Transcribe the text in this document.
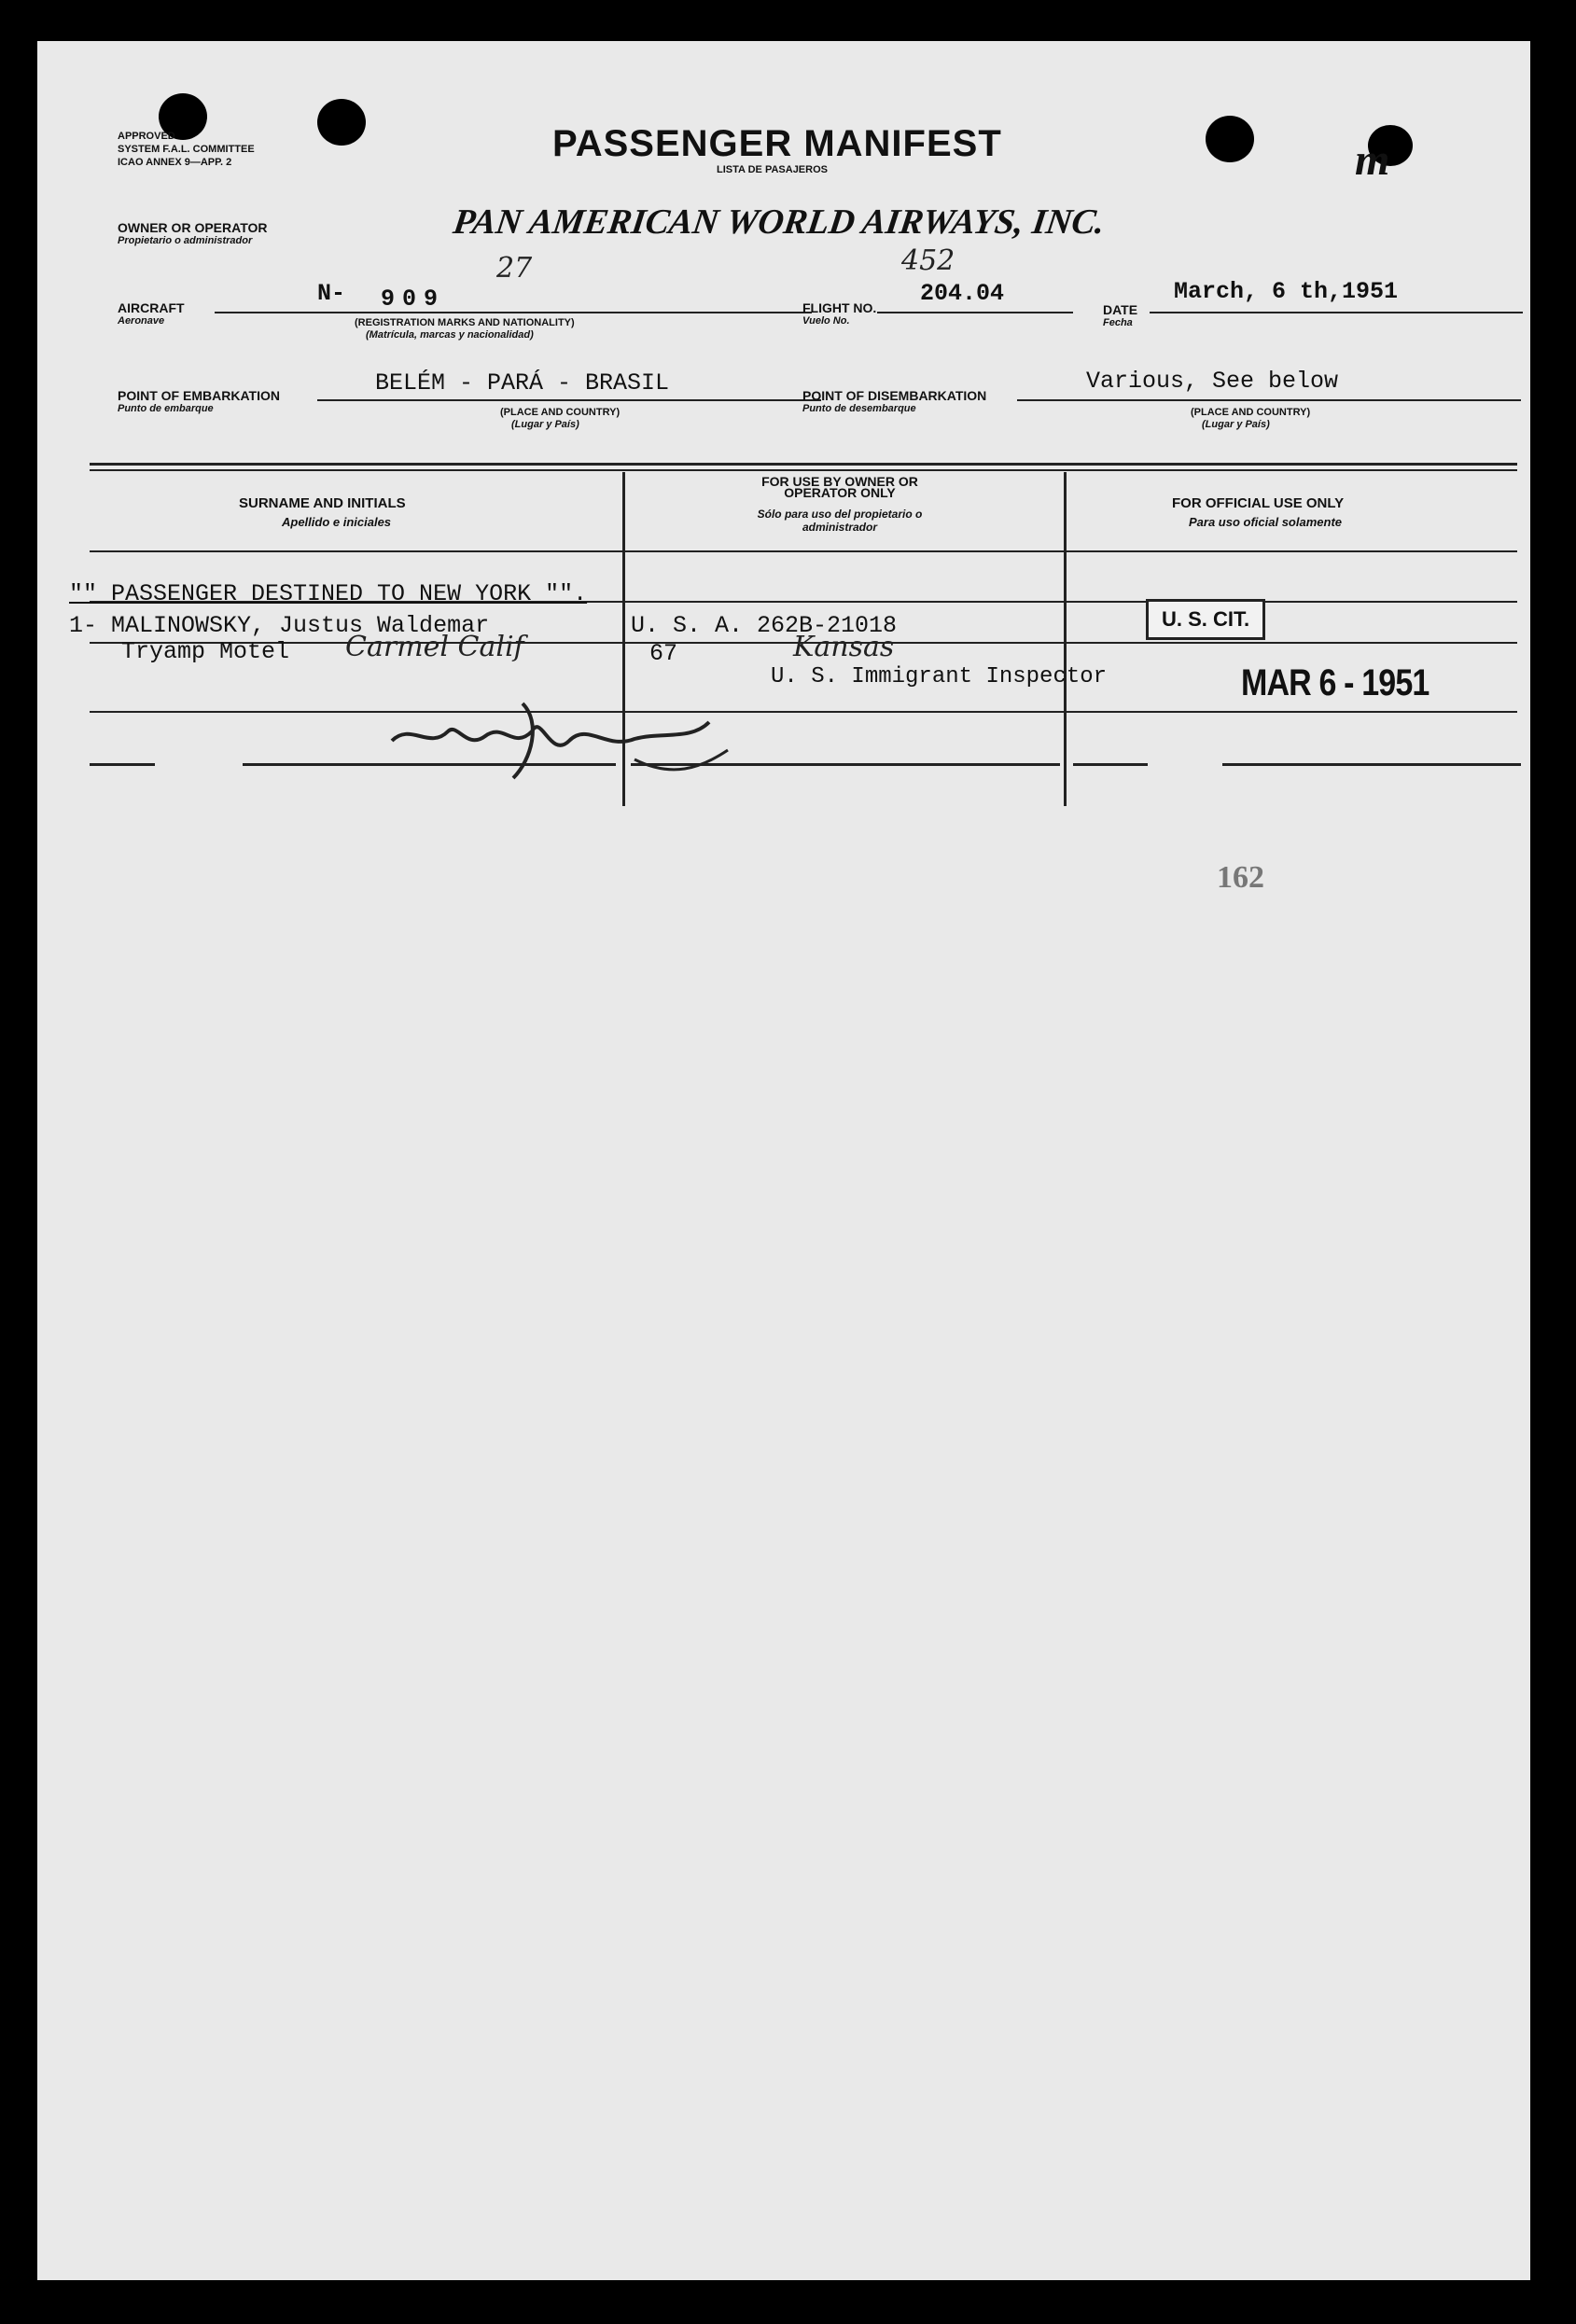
m
APPROVED
SYSTEM F.A.L. COMMITTEE
ICAO ANNEX 9—APP. 2	PASSENGER MANIFEST
LISTA DE PASAJEROS
OWNER OR OPERATOR
Propietario o administrador	PAN AMERICAN WORLD AIRWAYS, INC.
AIRCRAFT
Aeronave
N- 909
27
(REGISTRATION MARKS AND NATIONALITY)
(Matrícula, marcas y nacionalidad)
FLIGHT NO.
Vuelo No.
204.04
452
DATE
Fecha
March, 6 th,1951
POINT OF EMBARKATION
Punto de embarque
BELÉM - PARÁ - BRASIL
(PLACE AND COUNTRY)
(Lugar y País)
POINT OF DISEMBARKATION
Punto de desembarque
Various, See below
(PLACE AND COUNTRY)
(Lugar y País)
SURNAME AND INITIALS
Apellido e iniciales
FOR USE BY OWNER OR OPERATOR ONLY
Sólo para uso del propietario o administrador
FOR OFFICIAL USE ONLY
Para uso oficial solamente
"" PASSENGER DESTINED TO NEW YORK "".
1- MALINOWSKY, Justus Waldemar	U. S. A. 262B-21018
Tryamp Motel Carmel Calif	67	Kansas
U. S. Immigrant Inspector
U. S. CIT.
MAR 6 - 1951
162
